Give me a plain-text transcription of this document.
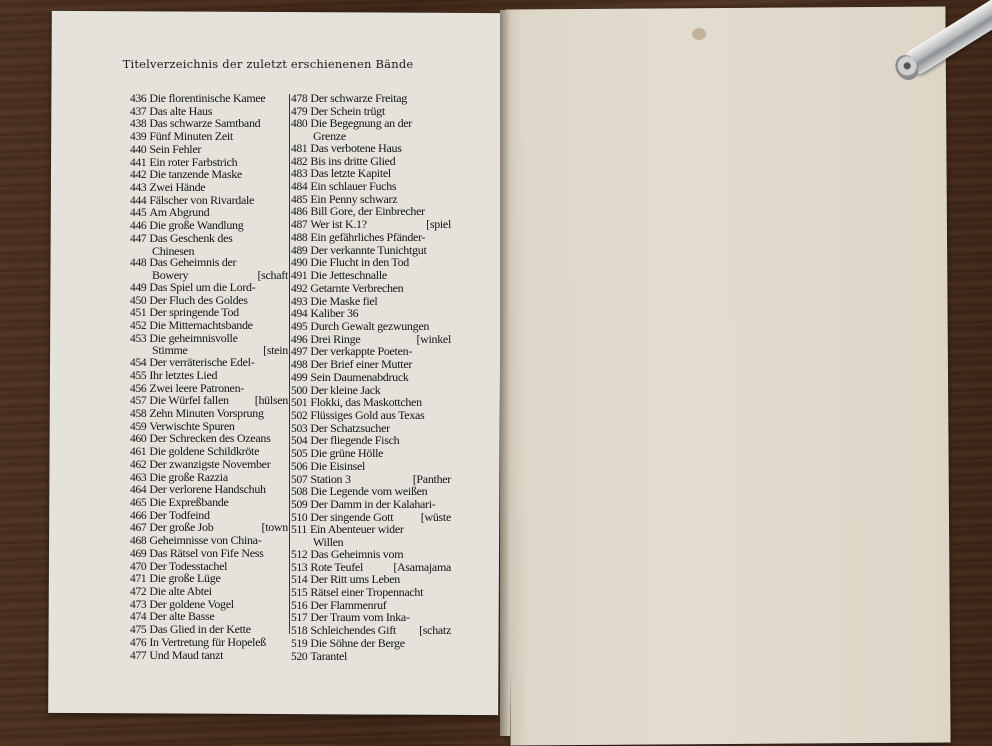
Titelverzeichnis der zuletzt erschienenen Bände
436 Die florentinische Kamee
437 Das alte Haus
438 Das schwarze Samtband
439 Fünf Minuten Zeit
440 Sein Fehler
441 Ein roter Farbstrich
442 Die tanzende Maske
443 Zwei Hände
444 Fälscher von Rivardale
445 Am Abgrund
446 Die große Wandlung
447 Das Geschenk des
Chinesen
448 Das Geheimnis der
Bowery	[schaft
449 Das Spiel um die Lord-
450 Der Fluch des Goldes
451 Der springende Tod
452 Die Mitternachtsbande
453 Die geheimnisvolle
Stimme	[stein
454 Der verräterische Edel-
455 Ihr letztes Lied
456 Zwei leere Patronen-
457 Die Würfel fallen [hülsen
458 Zehn Minuten Vorsprung
459 Verwischte Spuren
460 Der Schrecken des Ozeans
461 Die goldene Schildkröte
462 Der zwanzigste November
463 Die große Razzia
464 Der verlorene Handschuh
465 Die Expreßbande
466 Der Todfeind
467 Der große Job	[town
468 Geheimnisse von China-
469 Das Rätsel von Fife Ness
470 Der Todesstachel
471 Die große Lüge
472 Die alte Abtei
473 Der goldene Vogel
474 Der alte Basse
475 Das Glied in der Kette
476 In Vertretung für Hopeleß
477 Und Maud tanzt
478 Der schwarze Freitag
479 Der Schein trügt
480 Die Begegnung an der
Grenze
481 Das verbotene Haus
482 Bis ins dritte Glied
483 Das letzte Kapitel
484 Ein schlauer Fuchs
485 Ein Penny schwarz
486 Bill Gore, der Einbrecher
487 Wer ist K.1?	[spiel
488 Ein gefährliches Pfänder-
489 Der verkannte Tunichtgut
490 Die Flucht in den Tod
491 Die Jetteschnalle
492 Getarnte Verbrechen
493 Die Maske fiel
494 Kaliber 36
495 Durch Gewalt gezwungen
496 Drei Ringe	[winkel
497 Der verkappte Poeten-
498 Der Brief einer Mutter
499 Sein Daumenabdruck
500 Der kleine Jack
501 Flokki, das Maskottchen
502 Flüssiges Gold aus Texas
503 Der Schatzsucher
504 Der fliegende Fisch
505 Die grüne Hölle
506 Die Eisinsel
507 Station 3	[Panther
508 Die Legende vom weißen
509 Der Damm in der Kalahari-
510 Der singende Gott [wüste
511 Ein Abenteuer wider
Willen
512 Das Geheimnis vom
513 Rote Teufel	[Asamajama
514 Der Ritt ums Leben
515 Rätsel einer Tropennacht
516 Der Flammenruf
517 Der Traum vom Inka-
518 Schleichendes Gift [schatz
519 Die Söhne der Berge
520 Tarantel
